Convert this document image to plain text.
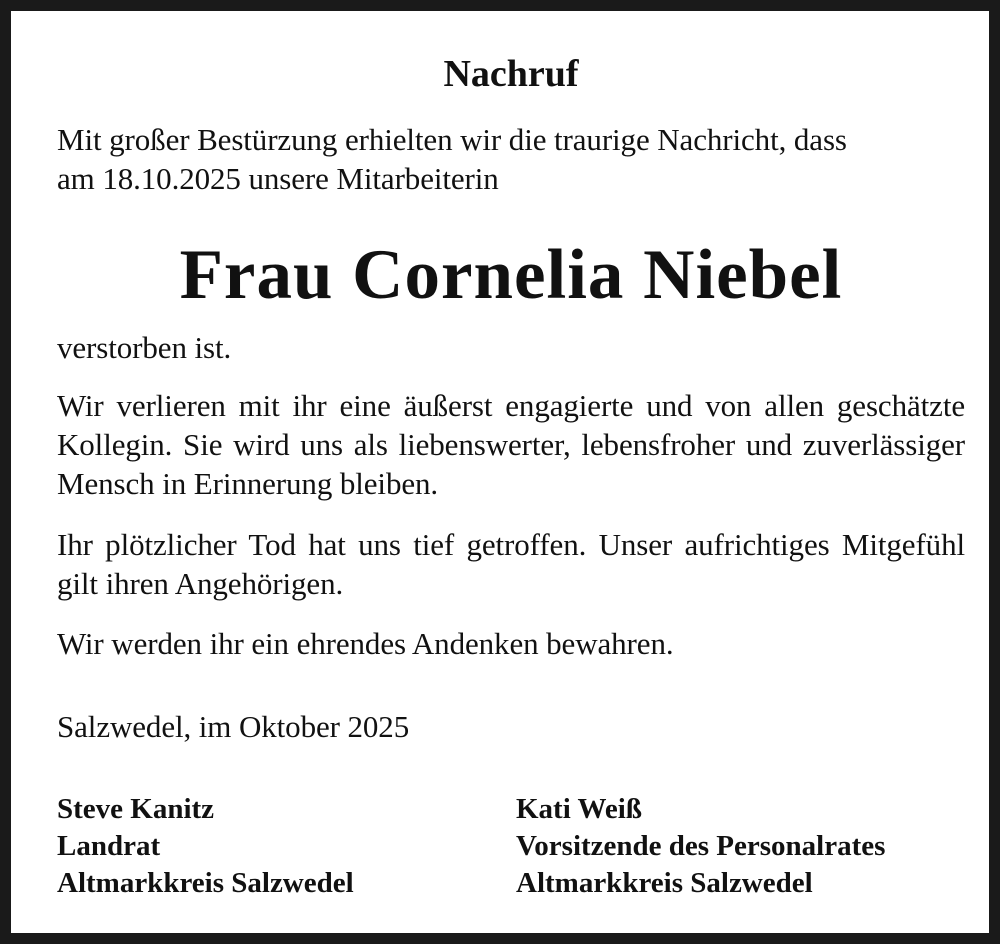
Nachruf
Mit großer Bestürzung erhielten wir die traurige Nachricht, dass
am 18.10.2025 unsere Mitarbeiterin
Frau Cornelia Niebel
verstorben ist.
Wir verlieren mit ihr eine äußerst engagierte und von allen geschätzte Kollegin. Sie wird uns als liebenswerter, lebensfroher und zuverlässiger Mensch in Erinnerung bleiben.
Ihr plötzlicher Tod hat uns tief getroffen. Unser aufrichtiges Mitgefühl gilt ihren Angehörigen.
Wir werden ihr ein ehrendes Andenken bewahren.
Salzwedel, im Oktober 2025
Steve Kanitz
Landrat
Altmarkkreis Salzwedel
Kati Weiß
Vorsitzende des Personalrates
Altmarkkreis Salzwedel
